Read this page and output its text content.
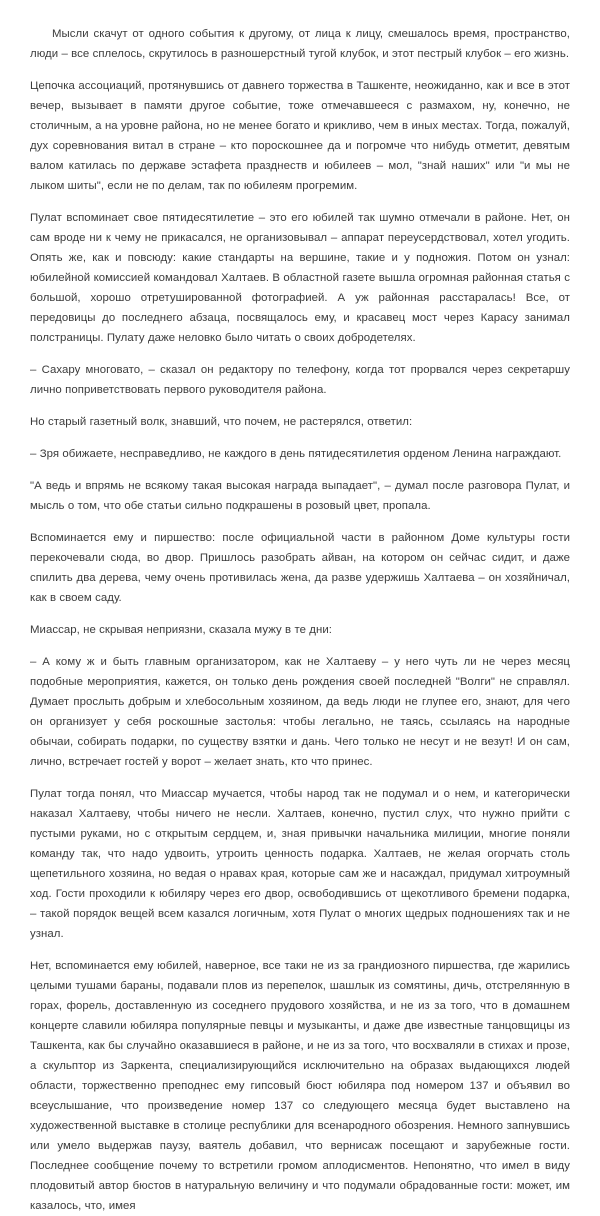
Мысли скачут от одного события к другому, от лица к лицу, смешалось время, пространство, люди – все сплелось, скрутилось в разношерстный тугой клубок, и этот пестрый клубок – его жизнь.

Цепочка ассоциаций, протянувшись от давнего торжества в Ташкенте, неожиданно, как и все в этот вечер, вызывает в памяти другое событие, тоже отмечавшееся с размахом, ну, конечно, не столичным, а на уровне района, но не менее богато и крикливо, чем в иных местах. Тогда, пожалуй, дух соревнования витал в стране – кто пороскошнее да и погромче что нибудь отметит, девятым валом катилась по державе эстафета празднеств и юбилеев – мол, "знай наших" или "и мы не лыком шиты", если не по делам, так по юбилеям прогремим.

Пулат вспоминает свое пятидесятилетие – это его юбилей так шумно отмечали в районе. Нет, он сам вроде ни к чему не прикасался, не организовывал – аппарат переусердствовал, хотел угодить. Опять же, как и повсюду: какие стандарты на вершине, такие и у подножия. Потом он узнал: юбилейной комиссией командовал Халтаев. В областной газете вышла огромная районная статья с большой, хорошо отретушированной фотографией. А уж районная расстаралась! Все, от передовицы до последнего абзаца, посвящалось ему, и красавец мост через Карасу занимал полстраницы. Пулату даже неловко было читать о своих добродетелях.

– Сахару многовато, – сказал он редактору по телефону, когда тот прорвался через секретаршу лично поприветствовать первого руководителя района.

Но старый газетный волк, знавший, что почем, не растерялся, ответил:

– Зря обижаете, несправедливо, не каждого в день пятидесятилетия орденом Ленина награждают.

"А ведь и впрямь не всякому такая высокая награда выпадает", – думал после разговора Пулат, и мысль о том, что обе статьи сильно подкрашены в розовый цвет, пропала.

Вспоминается ему и пиршество: после официальной части в районном Доме культуры гости перекочевали сюда, во двор. Пришлось разобрать айван, на котором он сейчас сидит, и даже спилить два дерева, чему очень противилась жена, да разве удержишь Халтаева – он хозяйничал, как в своем саду.

Миассар, не скрывая неприязни, сказала мужу в те дни:

– А кому ж и быть главным организатором, как не Халтаеву – у него чуть ли не через месяц подобные мероприятия, кажется, он только день рождения своей последней "Волги" не справлял. Думает прослыть добрым и хлебосольным хозяином, да ведь люди не глупее его, знают, для чего он организует у себя роскошные застолья: чтобы легально, не таясь, ссылаясь на народные обычаи, собирать подарки, по существу взятки и дань. Чего только не несут и не везут! И он сам, лично, встречает гостей у ворот – желает знать, кто что принес.

Пулат тогда понял, что Миассар мучается, чтобы народ так не подумал и о нем, и категорически наказал Халтаеву, чтобы ничего не несли. Халтаев, конечно, пустил слух, что нужно прийти с пустыми руками, но с открытым сердцем, и, зная привычки начальника милиции, многие поняли команду так, что надо удвоить, утроить ценность подарка. Халтаев, не желая огорчать столь щепетильного хозяина, но ведая о нравах края, которые сам же и насаждал, придумал хитроумный ход. Гости проходили к юбиляру через его двор, освободившись от щекотливого бремени подарка, – такой порядок вещей всем казался логичным, хотя Пулат о многих щедрых подношениях так и не узнал.

Нет, вспоминается ему юбилей, наверное, все таки не из за грандиозного пиршества, где жарились целыми тушами бараны, подавали плов из перепелок, шашлык из сомятины, дичь, отстрелянную в горах, форель, доставленную из соседнего прудового хозяйства, и не из за того, что в домашнем концерте славили юбиляра популярные певцы и музыканты, и даже две известные танцовщицы из Ташкента, как бы случайно оказавшиеся в районе, и не из за того, что восхваляли в стихах и прозе, а скульптор из Заркента, специализирующийся исключительно на образах выдающихся людей области, торжественно преподнес ему гипсовый бюст юбиляра под номером 137 и объявил во всеуслышание, что произведение номер 137 со следующего месяца будет выставлено на художественной выставке в столице республики для всенародного обозрения. Немного запнувшись или умело выдержав паузу, ваятель добавил, что вернисаж посещают и зарубежные гости. Последнее сообщение почему то встретили громом аплодисментов. Непонятно, что имел в виду плодовитый автор бюстов в натуральную величину и что подумали обрадованные гости: может, им казалось, что, имея
